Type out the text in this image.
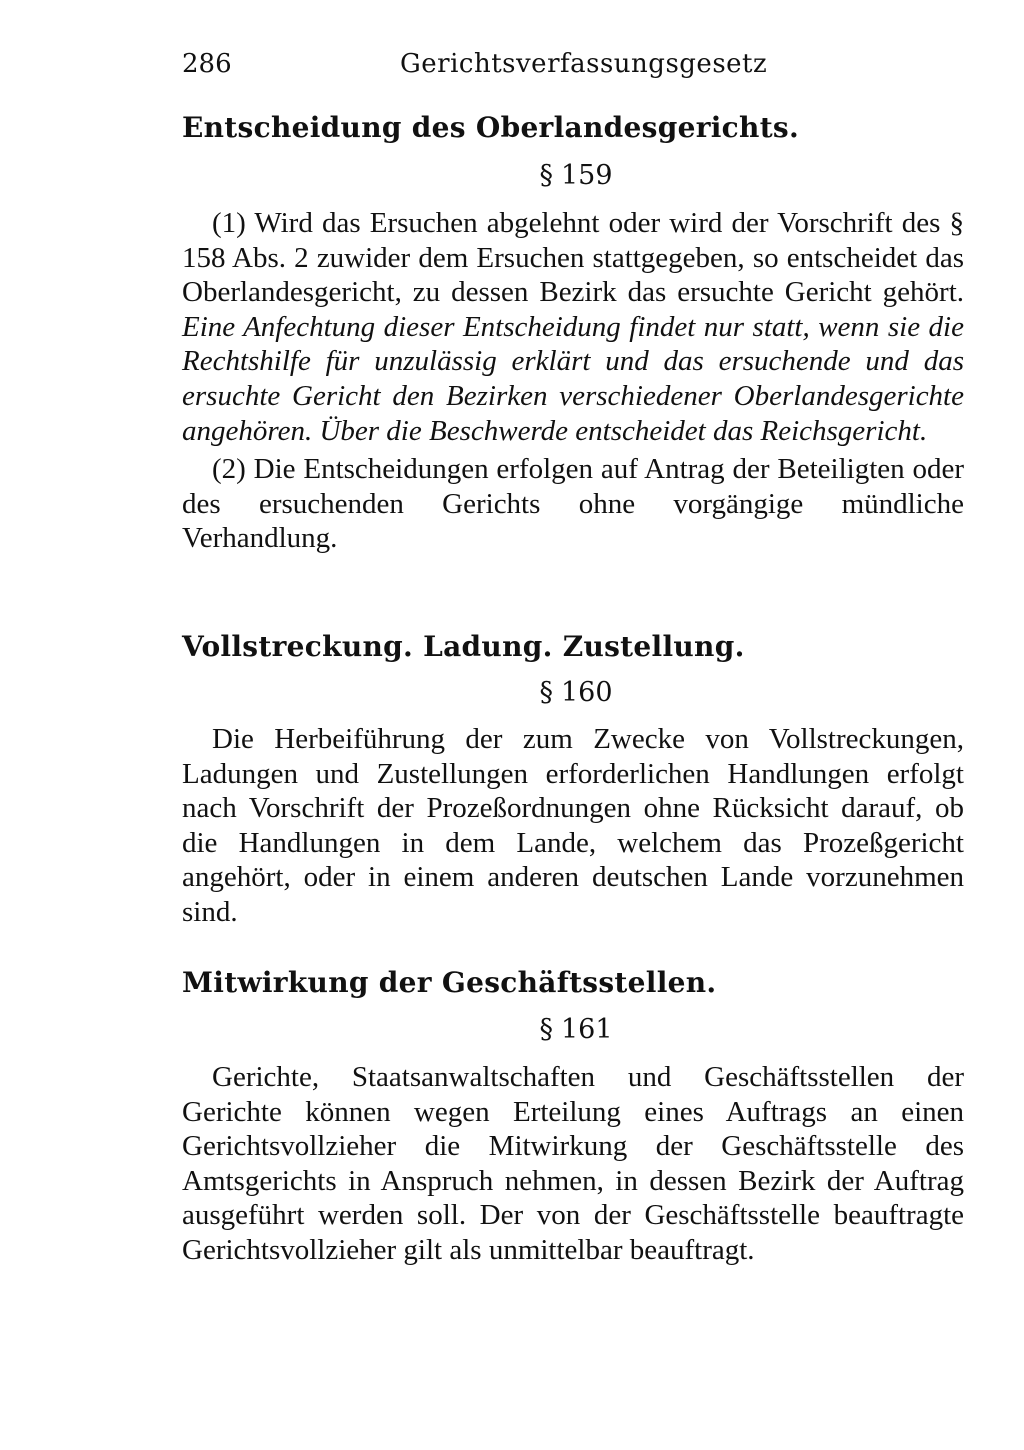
286	Gerichtsverfassungsgesetz
Entscheidung des Oberlandesgerichts.
§ 159

(1) Wird das Ersuchen abgelehnt oder wird der Vorschrift des § 158 Abs. 2 zuwider dem Ersuchen stattgegeben, so entscheidet das Oberlandesgericht, zu dessen Bezirk das ersuchte Gericht gehört. Eine Anfechtung dieser Entscheidung findet nur statt, wenn sie die Rechtshilfe für unzulässig erklärt und das ersuchende und das ersuchte Gericht den Bezirken verschiedener Oberlandesgerichte angehören. Über die Beschwerde entscheidet das Reichsgericht.

(2) Die Entscheidungen erfolgen auf Antrag der Beteiligten oder des ersuchenden Gerichts ohne vorgängige mündliche Verhandlung.

Vollstreckung. Ladung. Zustellung.
§ 160

Die Herbeiführung der zum Zwecke von Vollstreckungen, Ladungen und Zustellungen erforderlichen Handlungen erfolgt nach Vorschrift der Prozeßordnungen ohne Rücksicht darauf, ob die Handlungen in dem Lande, welchem das Prozeßgericht angehört, oder in einem anderen deutschen Lande vorzunehmen sind.

Mitwirkung der Geschäftsstellen.
§ 161

Gerichte, Staatsanwaltschaften und Geschäftsstellen der Gerichte können wegen Erteilung eines Auftrags an einen Gerichtsvollzieher die Mitwirkung der Geschäftsstelle des Amtsgerichts in Anspruch nehmen, in dessen Bezirk der Auftrag ausgeführt werden soll. Der von der Geschäftsstelle beauftragte Gerichtsvollzieher gilt als unmittelbar beauftragt.
